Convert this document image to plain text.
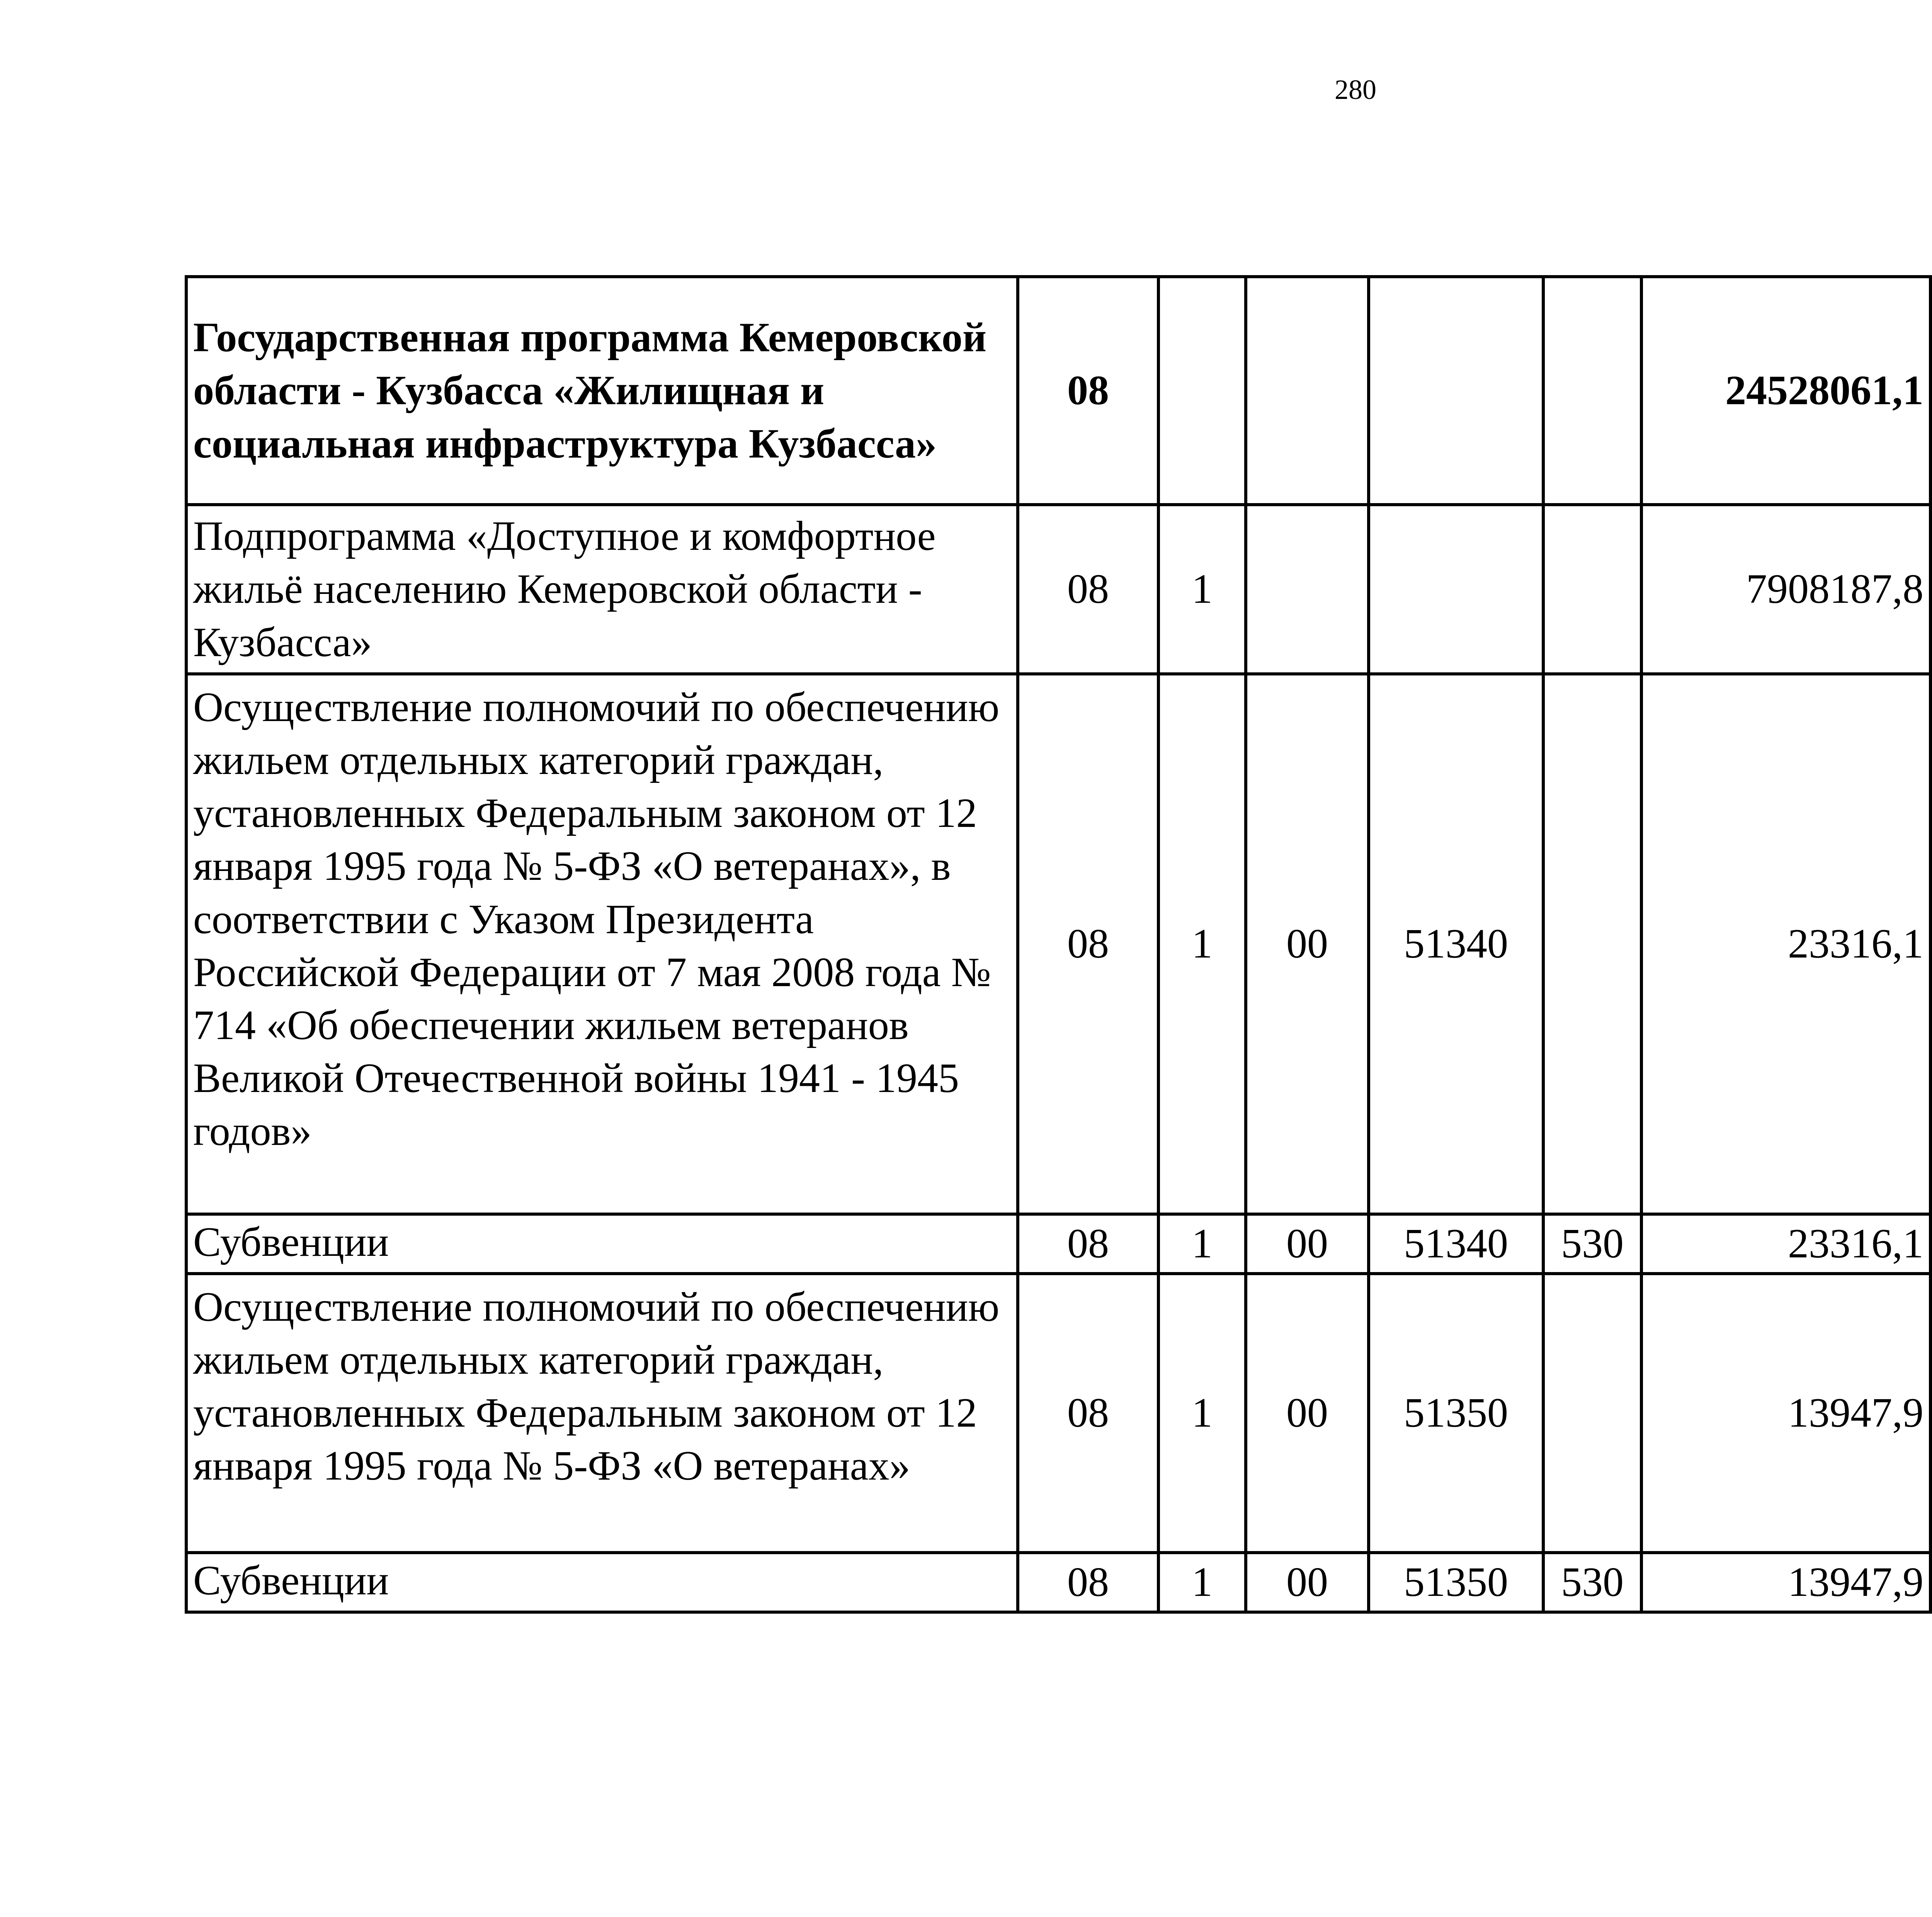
280
Государственная программа Кемеровской области - Кузбасса «Жилищная и социальная инфраструктура Кузбасса»	08					24528061,1		
Подпрограмма «Доступное и комфортное жильё населению Кемеровской области - Кузбасса»	08	1				7908187,8		
Осуществление полномочий по обеспечению жильем отдельных категорий граждан, установленных Федеральным законом от 12 января 1995 года № 5-ФЗ «О ветеранах», в соответствии с Указом Президента Российской Федерации от 7 мая 2008 года № 714 «Об обеспечении жильем ветеранов Великой Отечественной войны 1941 - 1945 годов»	08	1	00	51340		23316,1		
Субвенции	08	1	00	51340	530	23316,1		
Осуществление полномочий по обеспечению жильем отдельных категорий граждан, установленных Федеральным законом от 12 января 1995 года № 5-ФЗ «О ветеранах»	08	1	00	51350		13947,9		
Субвенции	08	1	00	51350	530	13947,9		
